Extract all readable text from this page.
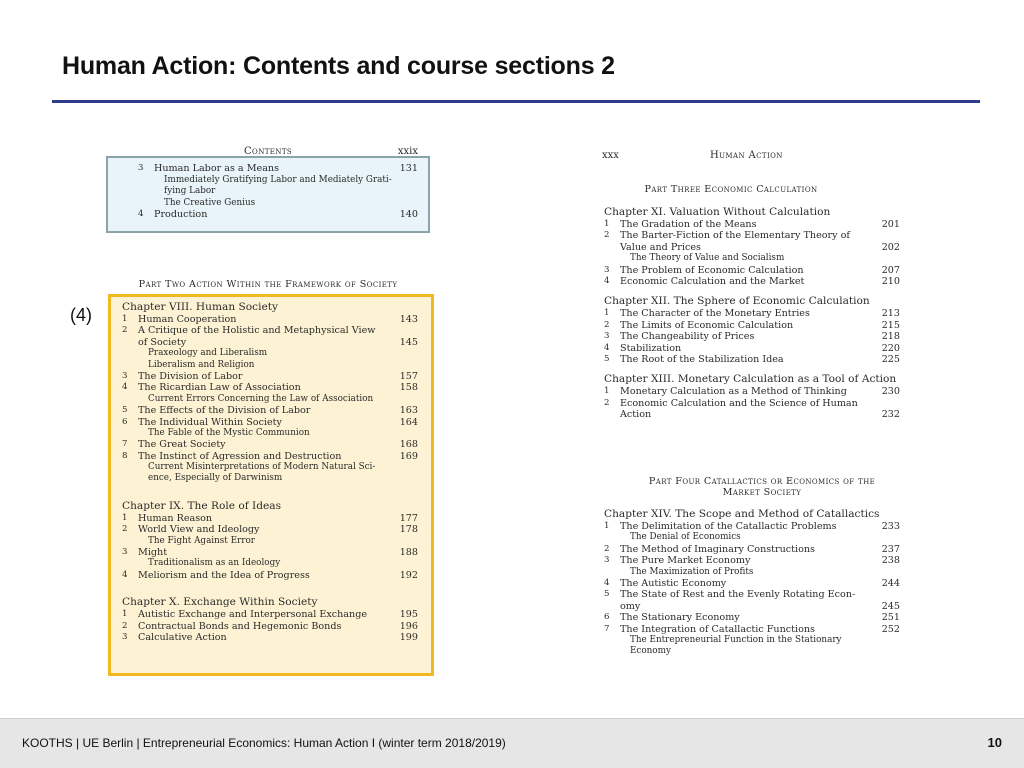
Human Action: Contents and course sections 2
(4)
Contents	xxix
3	Human Labor as a Means	131
Immediately Gratifying Labor and Mediately Grati-
fying Labor
The Creative Genius
4	Production	140
Part Two Action Within the Framework of Society
Chapter VIII. Human Society
1	Human Cooperation	143
2	A Critique of the Holistic and Metaphysical View
of Society	145
Praxeology and Liberalism
Liberalism and Religion
3	The Division of Labor	157
4	The Ricardian Law of Association	158
Current Errors Concerning the Law of Association
5	The Effects of the Division of Labor	163
6	The Individual Within Society	164
The Fable of the Mystic Communion
7	The Great Society	168
8	The Instinct of Agression and Destruction	169
Current Misinterpretations of Modern Natural Sci-
ence, Especially of Darwinism
Chapter IX. The Role of Ideas
1	Human Reason	177
2	World View and Ideology	178
The Fight Against Error
3	Might	188
Traditionalism as an Ideology
4	Meliorism and the Idea of Progress	192
Chapter X. Exchange Within Society
1	Autistic Exchange and Interpersonal Exchange	195
2	Contractual Bonds and Hegemonic Bonds	196
3	Calculative Action	199
xxx	Human Action
Part Three Economic Calculation
Chapter XI. Valuation Without Calculation
1	The Gradation of the Means	201
2	The Barter-Fiction of the Elementary Theory of
Value and Prices	202
The Theory of Value and Socialism
3	The Problem of Economic Calculation	207
4	Economic Calculation and the Market	210
Chapter XII. The Sphere of Economic Calculation
1	The Character of the Monetary Entries	213
2	The Limits of Economic Calculation	215
3	The Changeability of Prices	218
4	Stabilization	220
5	The Root of the Stabilization Idea	225
Chapter XIII. Monetary Calculation as a Tool of Action
1	Monetary Calculation as a Method of Thinking	230
2	Economic Calculation and the Science of Human
Action	232
Part Four Catallactics or Economics of the
Market Society
Chapter XIV. The Scope and Method of Catallactics
1	The Delimitation of the Catallactic Problems	233
The Denial of Economics
2	The Method of Imaginary Constructions	237
3	The Pure Market Economy	238
The Maximization of Profits
4	The Autistic Economy	244
5	The State of Rest and the Evenly Rotating Econ-
omy	245
6	The Stationary Economy	251
7	The Integration of Catallactic Functions	252
The Entrepreneurial Function in the Stationary
Economy
KOOTHS | UE Berlin | Entrepreneurial Economics: Human Action I (winter term 2018/2019)	10
